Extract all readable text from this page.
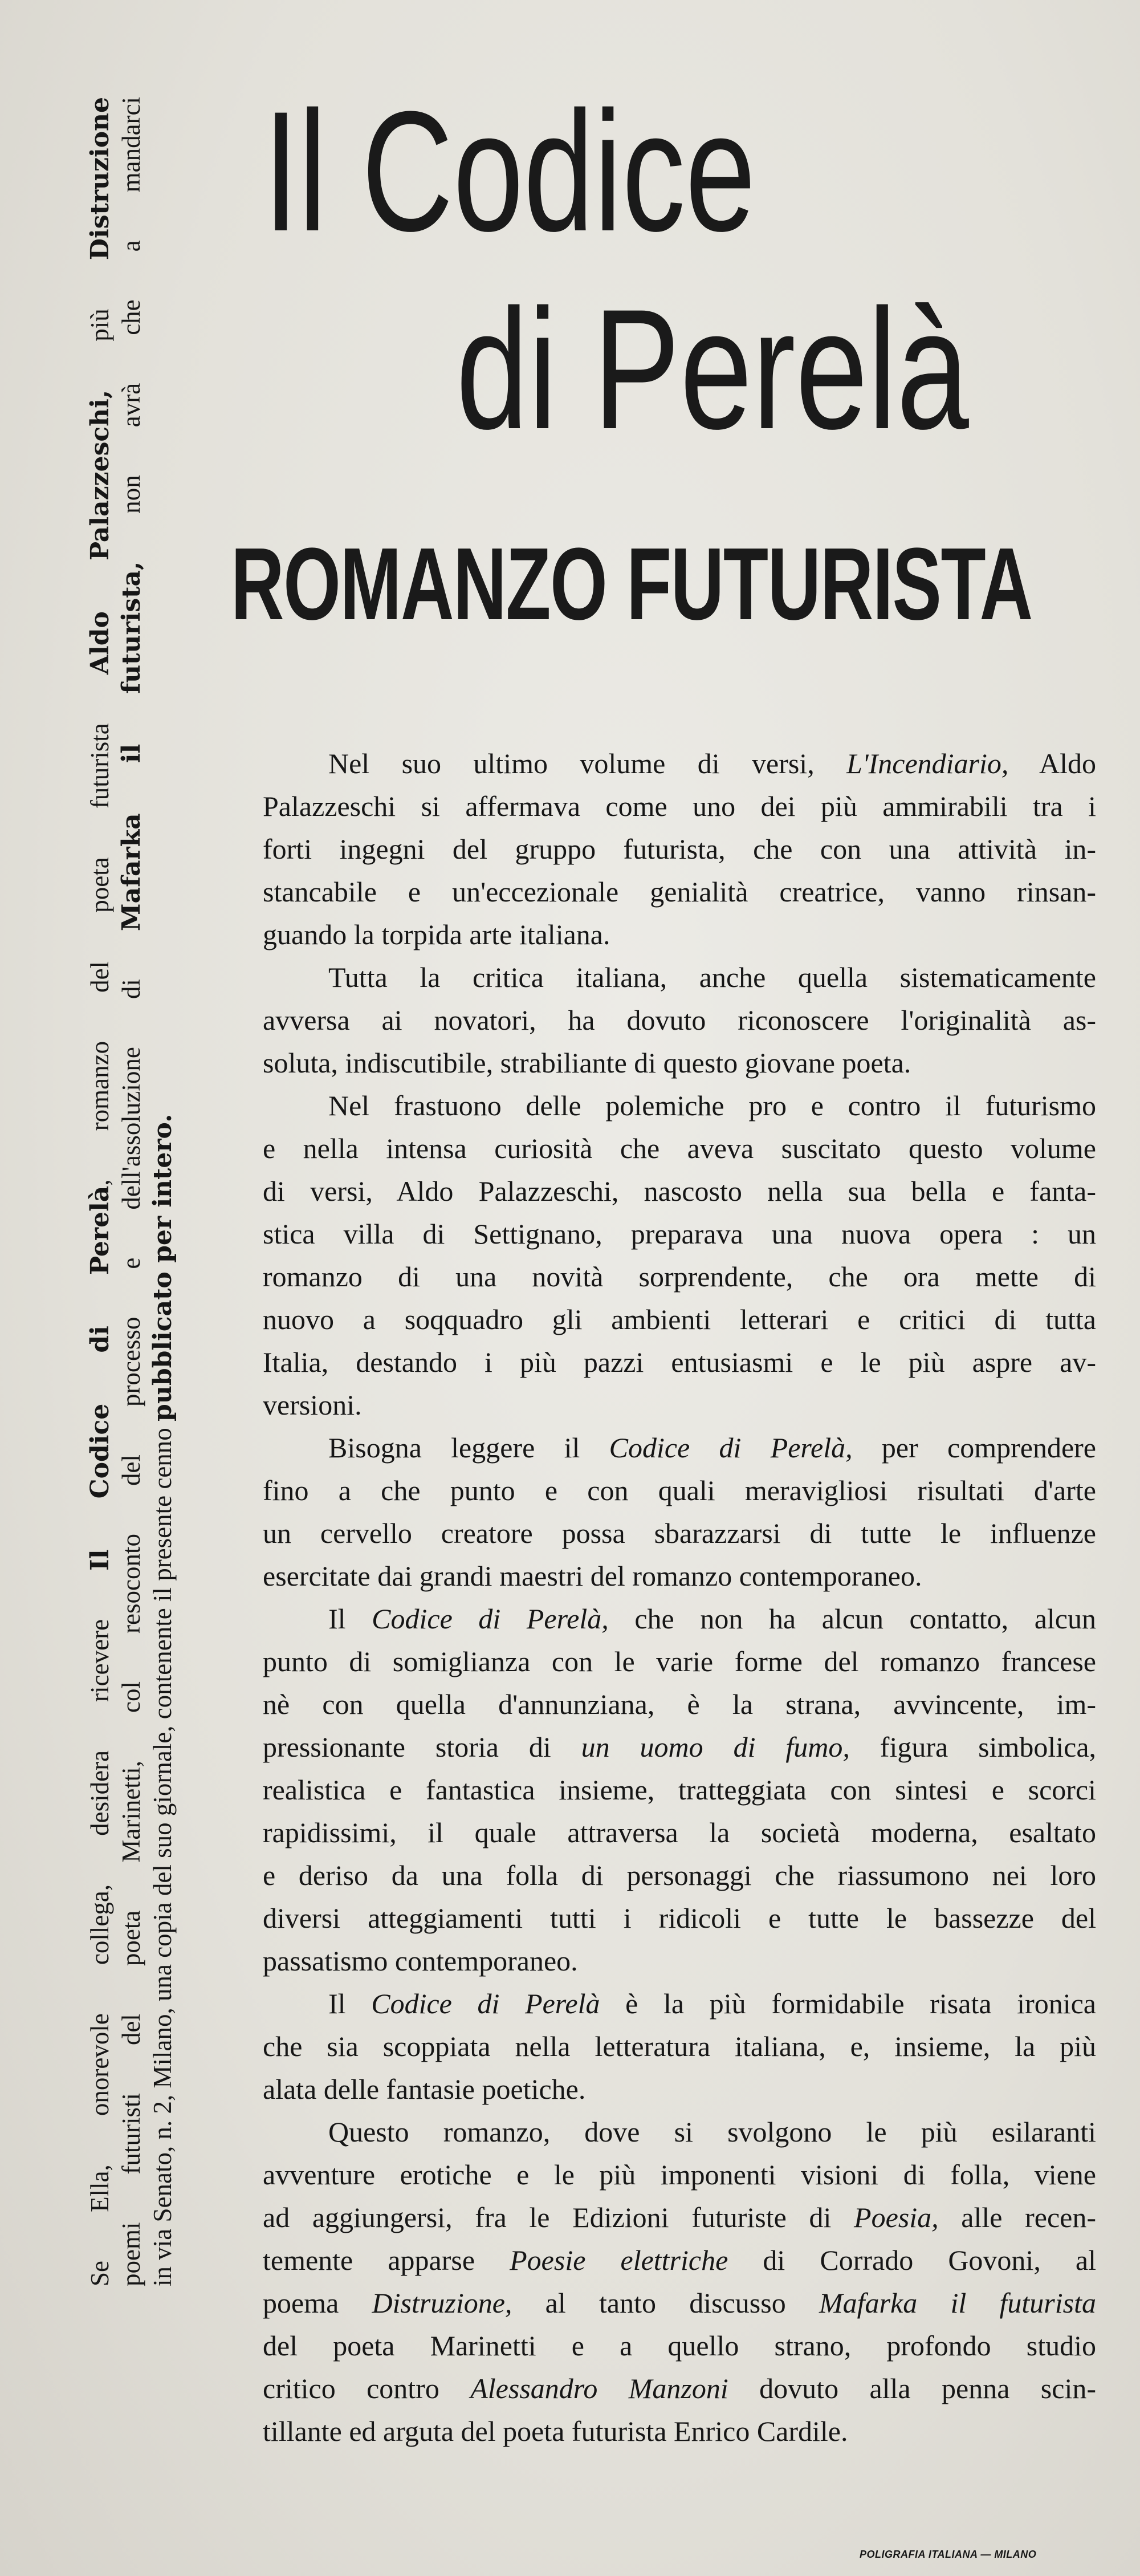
Il Codice
di Perelà
ROMANZO FUTURISTA
Se Ella, onorevole collega, desidera ricevere Il Codice di Perelà, romanzo del poeta futurista Aldo Palazzeschi, più Distruzione
poemi futuristi del poeta Marinetti, col resoconto del processo e dell'assoluzione di Mafarka il futurista, non avrà che a mandarci
in via Senato, n. 2, Milano, una copia del suo giornale, contenente il presente cenno pubblicato per intero.
Nel suo ultimo volume di versi, L'Incendiario, Aldo
Palazzeschi si affermava come uno dei più ammirabili tra i
forti ingegni del gruppo futurista, che con una attività in-
stancabile e un'eccezionale genialità creatrice, vanno rinsan-
guando la torpida arte italiana.
Tutta la critica italiana, anche quella sistematicamente
avversa ai novatori, ha dovuto riconoscere l'originalità as-
soluta, indiscutibile, strabiliante di questo giovane poeta.
Nel frastuono delle polemiche pro e contro il futurismo
e nella intensa curiosità che aveva suscitato questo volume
di versi, Aldo Palazzeschi, nascosto nella sua bella e fanta-
stica villa di Settignano, preparava una nuova opera : un
romanzo di una novità sorprendente, che ora mette di
nuovo a soqquadro gli ambienti letterari e critici di tutta
Italia, destando i più pazzi entusiasmi e le più aspre av-
versioni.
Bisogna leggere il Codice di Perelà, per comprendere
fino a che punto e con quali meravigliosi risultati d'arte
un cervello creatore possa sbarazzarsi di tutte le influenze
esercitate dai grandi maestri del romanzo contemporaneo.
Il Codice di Perelà, che non ha alcun contatto, alcun
punto di somiglianza con le varie forme del romanzo francese
nè con quella d'annunziana, è la strana, avvincente, im-
pressionante storia di un uomo di fumo, figura simbolica,
realistica e fantastica insieme, tratteggiata con sintesi e scorci
rapidissimi, il quale attraversa la società moderna, esaltato
e deriso da una folla di personaggi che riassumono nei loro
diversi atteggiamenti tutti i ridicoli e tutte le bassezze del
passatismo contemporaneo.
Il Codice di Perelà è la più formidabile risata ironica
che sia scoppiata nella letteratura italiana, e, insieme, la più
alata delle fantasie poetiche.
Questo romanzo, dove si svolgono le più esilaranti
avventure erotiche e le più imponenti visioni di folla, viene
ad aggiungersi, fra le Edizioni futuriste di Poesia, alle recen-
temente apparse Poesie elettriche di Corrado Govoni, al
poema Distruzione, al tanto discusso Mafarka il futurista
del poeta Marinetti e a quello strano, profondo studio
critico contro Alessandro Manzoni dovuto alla penna scin-
tillante ed arguta del poeta futurista Enrico Cardile.
POLIGRAFIA ITALIANA — MILANO
